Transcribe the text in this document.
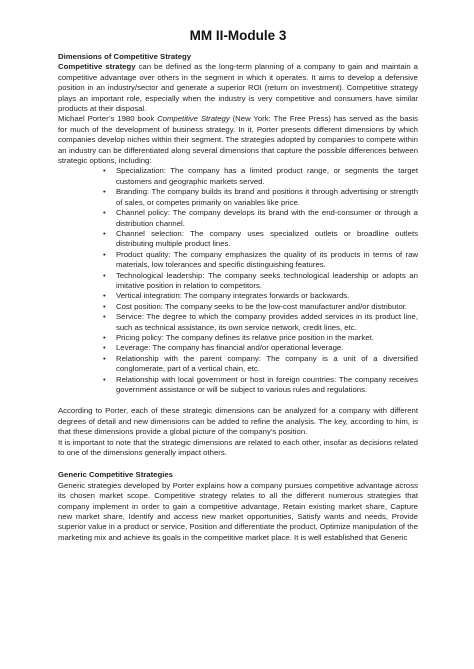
MM II-Module 3
Dimensions of Competitive Strategy

Competitive strategy can be defined as the long-term planning of a company to gain and maintain a competitive advantage over others in the segment in which it operates. It aims to develop a defensive position in an industry/sector and generate a superior ROI (return on investment). Competitive strategy plays an important role, especially when the industry is very competitive and consumers have similar products at their disposal.

Michael Porter’s 1980 book Competitive Strategy (New York: The Free Press) has served as the basis for much of the development of business strategy. In it, Porter presents different dimensions by which companies develop niches within their segment. The strategies adopted by companies to compete within an industry can be differentiated along several dimensions that capture the possible differences between strategic options, including:

• Specialization: The company has a limited product range, or segments the target customers and geographic markets served.
• Branding: The company builds its brand and positions it through advertising or strength of sales, or competes primarily on variables like price.
• Channel policy: The company develops its brand with the end-consumer or through a distribution channel.
• Channel selection: The company uses specialized outlets or broadline outlets distributing multiple product lines.
• Product quality: The company emphasizes the quality of its products in terms of raw materials, low tolerances and specific distinguishing features.
• Technological leadership: The company seeks technological leadership or adopts an imitative position in relation to competitors.
• Vertical integration: The company integrates forwards or backwards.
• Cost position: The company seeks to be the low-cost manufacturer and/or distributor.
• Service: The degree to which the company provides added services in its product line, such as technical assistance, its own service network, credit lines, etc.
• Pricing policy: The company defines its relative price position in the market.
• Leverage: The company has financial and/or operational leverage.
• Relationship with the parent company: The company is a unit of a diversified conglomerate, part of a vertical chain, etc.
• Relationship with local government or host in foreign countries: The company receives government assistance or will be subject to various rules and regulations.

According to Porter, each of these strategic dimensions can be analyzed for a company with different degrees of detail and new dimensions can be added to refine the analysis. The key, according to him, is that these dimensions provide a global picture of the company’s position.

It is important to note that the strategic dimensions are related to each other, insofar as decisions related to one of the dimensions generally impact others.

Generic Competitive Strategies

Generic strategies developed by Porter explains how a company pursues competitive advantage across its chosen market scope. Competitive strategy relates to all the different numerous strategies that company implement in order to gain a competitive advantage, Retain existing market share, Capture new market share, Identify and access new market opportunities, Satisfy wants and needs, Provide superior value in a product or service, Position and differentiate the product, Optimize manipulation of the marketing mix and achieve its goals in the competitive market place. It is well established that Generic
